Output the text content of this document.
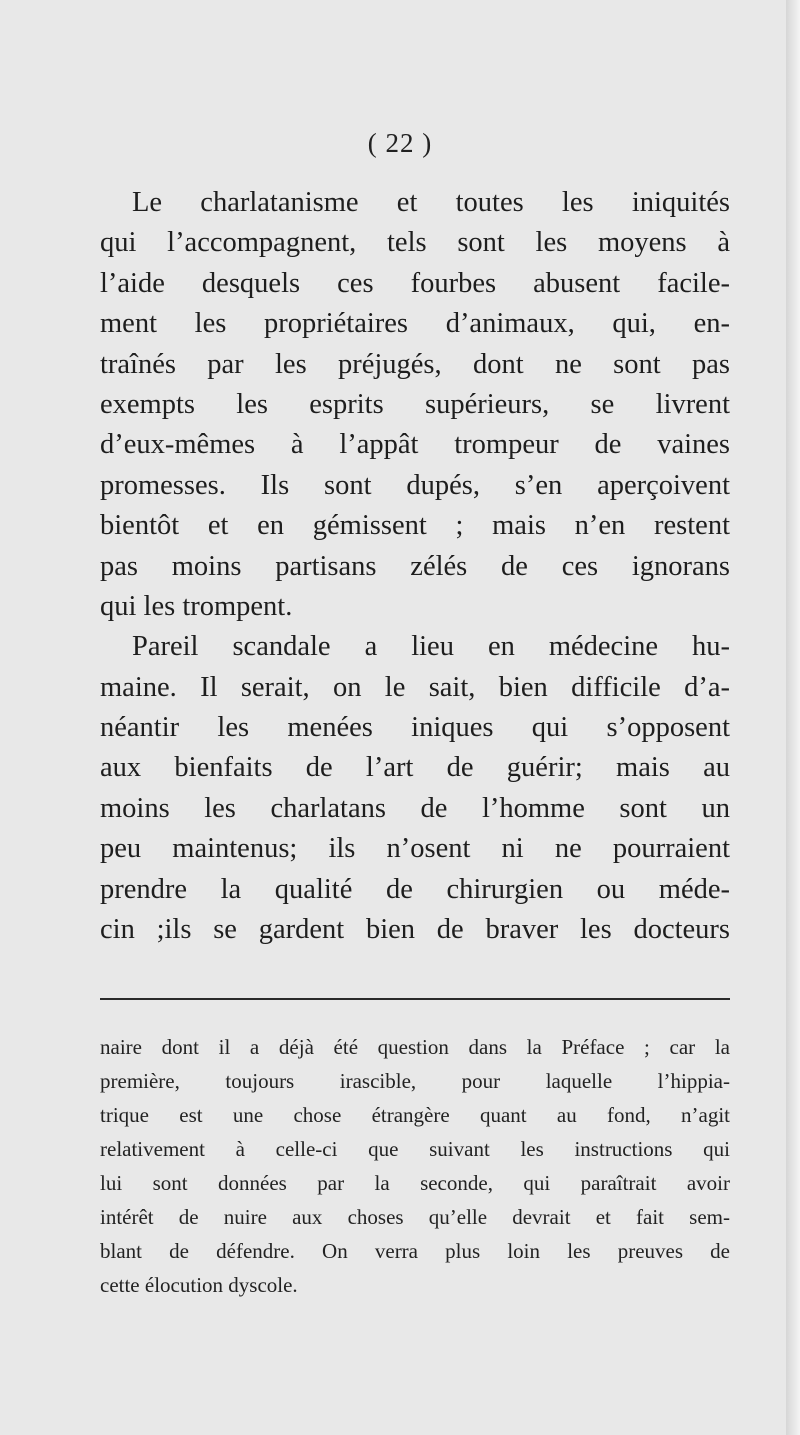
( 22 )
Le charlatanisme et toutes les iniquités
qui l’accompagnent, tels sont les moyens à
l’aide desquels ces fourbes abusent facile-
ment les propriétaires d’animaux, qui, en-
traînés par les préjugés, dont ne sont pas
exempts les esprits supérieurs, se livrent
d’eux-mêmes à l’appât trompeur de vaines
promesses. Ils sont dupés, s’en aperçoivent
bientôt et en gémissent ; mais n’en restent
pas moins partisans zélés de ces ignorans
qui les trompent.
Pareil scandale a lieu en médecine hu-
maine. Il serait, on le sait, bien difficile d’a-
néantir les menées iniques qui s’opposent
aux bienfaits de l’art de guérir; mais au
moins les charlatans de l’homme sont un
peu maintenus; ils n’osent ni ne pourraient
prendre la qualité de chirurgien ou méde-
cin ;ils se gardent bien de braver les docteurs
naire dont il a déjà été question dans la Préface ; car la
première, toujours irascible, pour laquelle l’hippia-
trique est une chose étrangère quant au fond, n’agit
relativement à celle-ci que suivant les instructions qui
lui sont données par la seconde, qui paraîtrait avoir
intérêt de nuire aux choses qu’elle devrait et fait sem-
blant de défendre. On verra plus loin les preuves de
cette élocution dyscole.
